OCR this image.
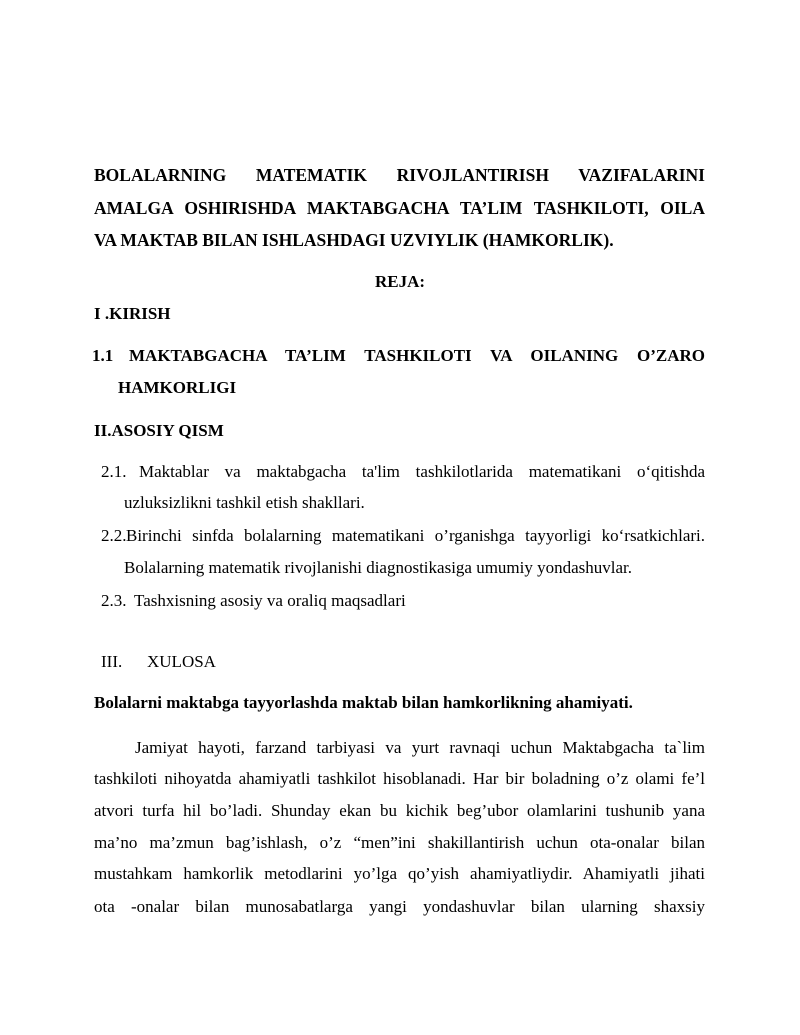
BOLALARNING MATEMATIK RIVOJLANTIRISH VAZIFALARINI
AMALGA OSHIRISHDA MAKTABGACHA TA’LIM TASHKILOTI, OILA
VA MAKTAB BILAN ISHLASHDAGI UZVIYLIK (HAMKORLIK).
REJA:
I .KIRISH
1.1 MAKTABGACHA TA’LIM TASHKILOTI VA OILANING O’ZARO
HAMKORLIGI
II.ASOSIY QISM
2.1. Maktablar va maktabgacha ta'lim tashkilotlarida matematikani o‘qitishda
uzluksizlikni tashkil etish shakllari.
2.2. Birinchi sinfda bolalarning matematikani o’rganishga tayyorligi ko‘rsatkichlari.
Bolalarning matematik rivojlanishi diagnostikasiga umumiy yondashuvlar.
2.3. Tashxisning asosiy va oraliq maqsadlari
III. XULOSA
Bolalarni maktabga tayyorlashda maktab bilan hamkorlikning ahamiyati.
Jamiyat hayoti, farzand tarbiyasi va yurt ravnaqi uchun Maktabgacha ta`lim
tashkiloti nihoyatda ahamiyatli tashkilot hisoblanadi. Har bir boladning o’z olami fe’l
atvori turfa hil bo’ladi. Shunday ekan bu kichik beg’ubor olamlarini tushunib yana
ma’no ma’zmun bag’ishlash, o’z “men”ini shakillantirish uchun ota-onalar bilan
mustahkam hamkorlik metodlarini yo’lga qo’yish ahamiyatliydir. Ahamiyatli jihati
ota -onalar bilan munosabatlarga yangi yondashuvlar bilan ularning shaxsiy
